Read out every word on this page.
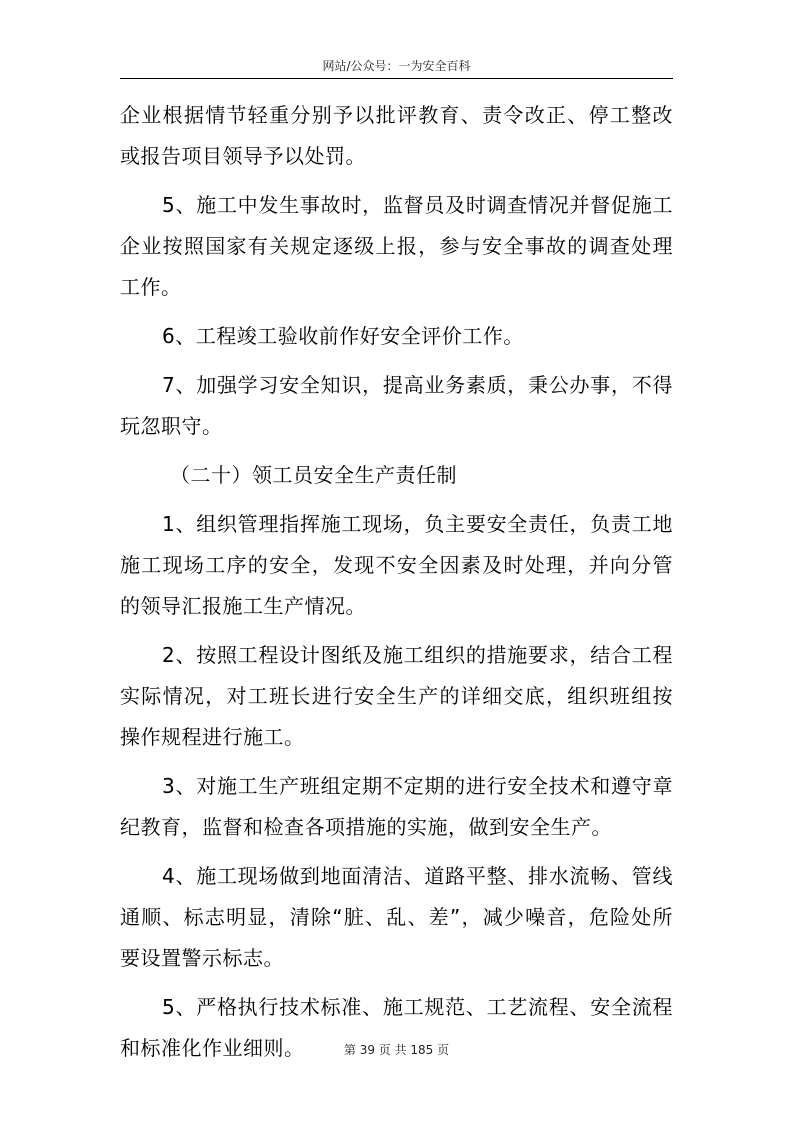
网站/公众号：一为安全百科

企业根据情节轻重分别予以批评教育、责令改正、停工整改或报告项目领导予以处罚。

5、施工中发生事故时，监督员及时调查情况并督促施工企业按照国家有关规定逐级上报，参与安全事故的调查处理工作。

6、工程竣工验收前作好安全评价工作。

7、加强学习安全知识，提高业务素质，秉公办事，不得玩忽职守。

（二十）领工员安全生产责任制

1、组织管理指挥施工现场，负主要安全责任，负责工地施工现场工序的安全，发现不安全因素及时处理，并向分管的领导汇报施工生产情况。

2、按照工程设计图纸及施工组织的措施要求，结合工程实际情况，对工班长进行安全生产的详细交底，组织班组按操作规程进行施工。

3、对施工生产班组定期不定期的进行安全技术和遵守章纪教育，监督和检查各项措施的实施，做到安全生产。

4、施工现场做到地面清洁、道路平整、排水流畅、管线通顺、标志明显，清除“脏、乱、差”，减少噪音，危险处所要设置警示标志。

5、严格执行技术标准、施工规范、工艺流程、安全流程和标准化作业细则。	第 39 页 共 185 页
